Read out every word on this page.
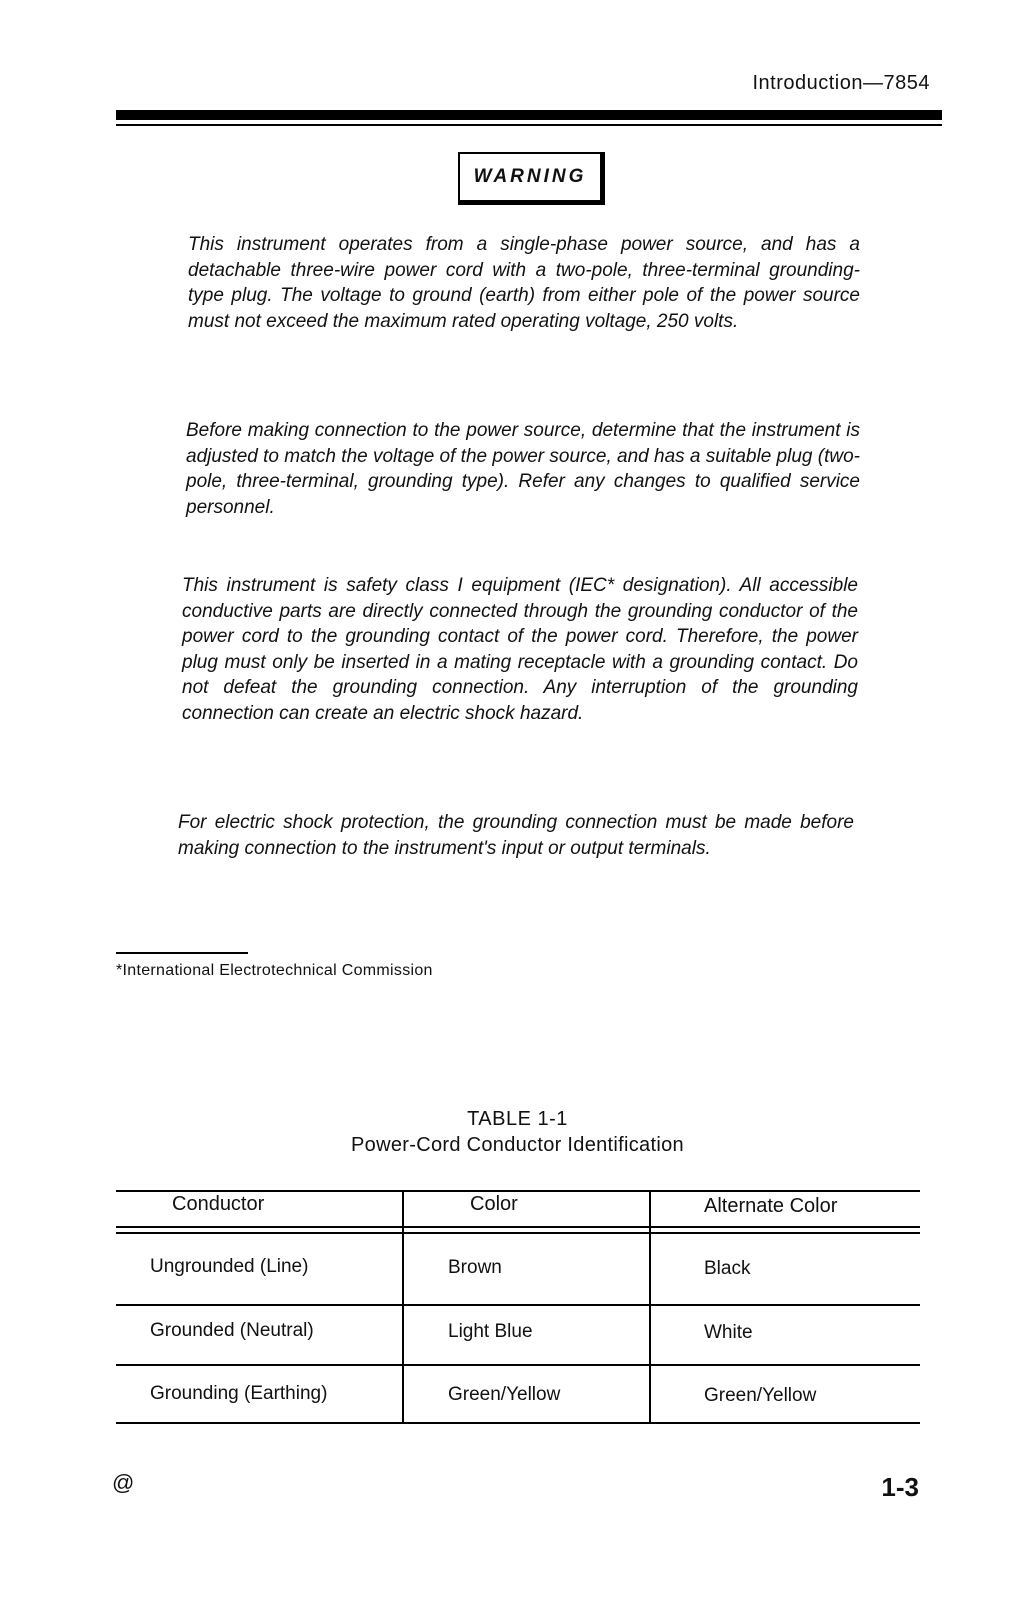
Introduction—7854
WARNING

This instrument operates from a single-phase power source, and has a detachable three-wire power cord with a two-pole, three-terminal grounding-type plug. The voltage to ground (earth) from either pole of the power source must not exceed the maximum rated operating voltage, 250 volts.

Before making connection to the power source, determine that the instrument is adjusted to match the voltage of the power source, and has a suitable plug (two-pole, three-terminal, grounding type). Refer any changes to qualified service personnel.

This instrument is safety class I equipment (IEC* designation). All accessible conductive parts are directly connected through the grounding conductor of the power cord to the grounding contact of the power cord. Therefore, the power plug must only be inserted in a mating receptacle with a grounding contact. Do not defeat the grounding connection. Any interruption of the grounding connection can create an electric shock hazard.

For electric shock protection, the grounding connection must be made before making connection to the instrument's input or output terminals.

*International Electrotechnical Commission
TABLE 1-1
Power-Cord Conductor Identification
Conductor	Color	Alternate Color
Ungrounded (Line)	Brown	Black
Grounded (Neutral)	Light Blue	White
Grounding (Earthing)	Green/Yellow	Green/Yellow
@	1-3
